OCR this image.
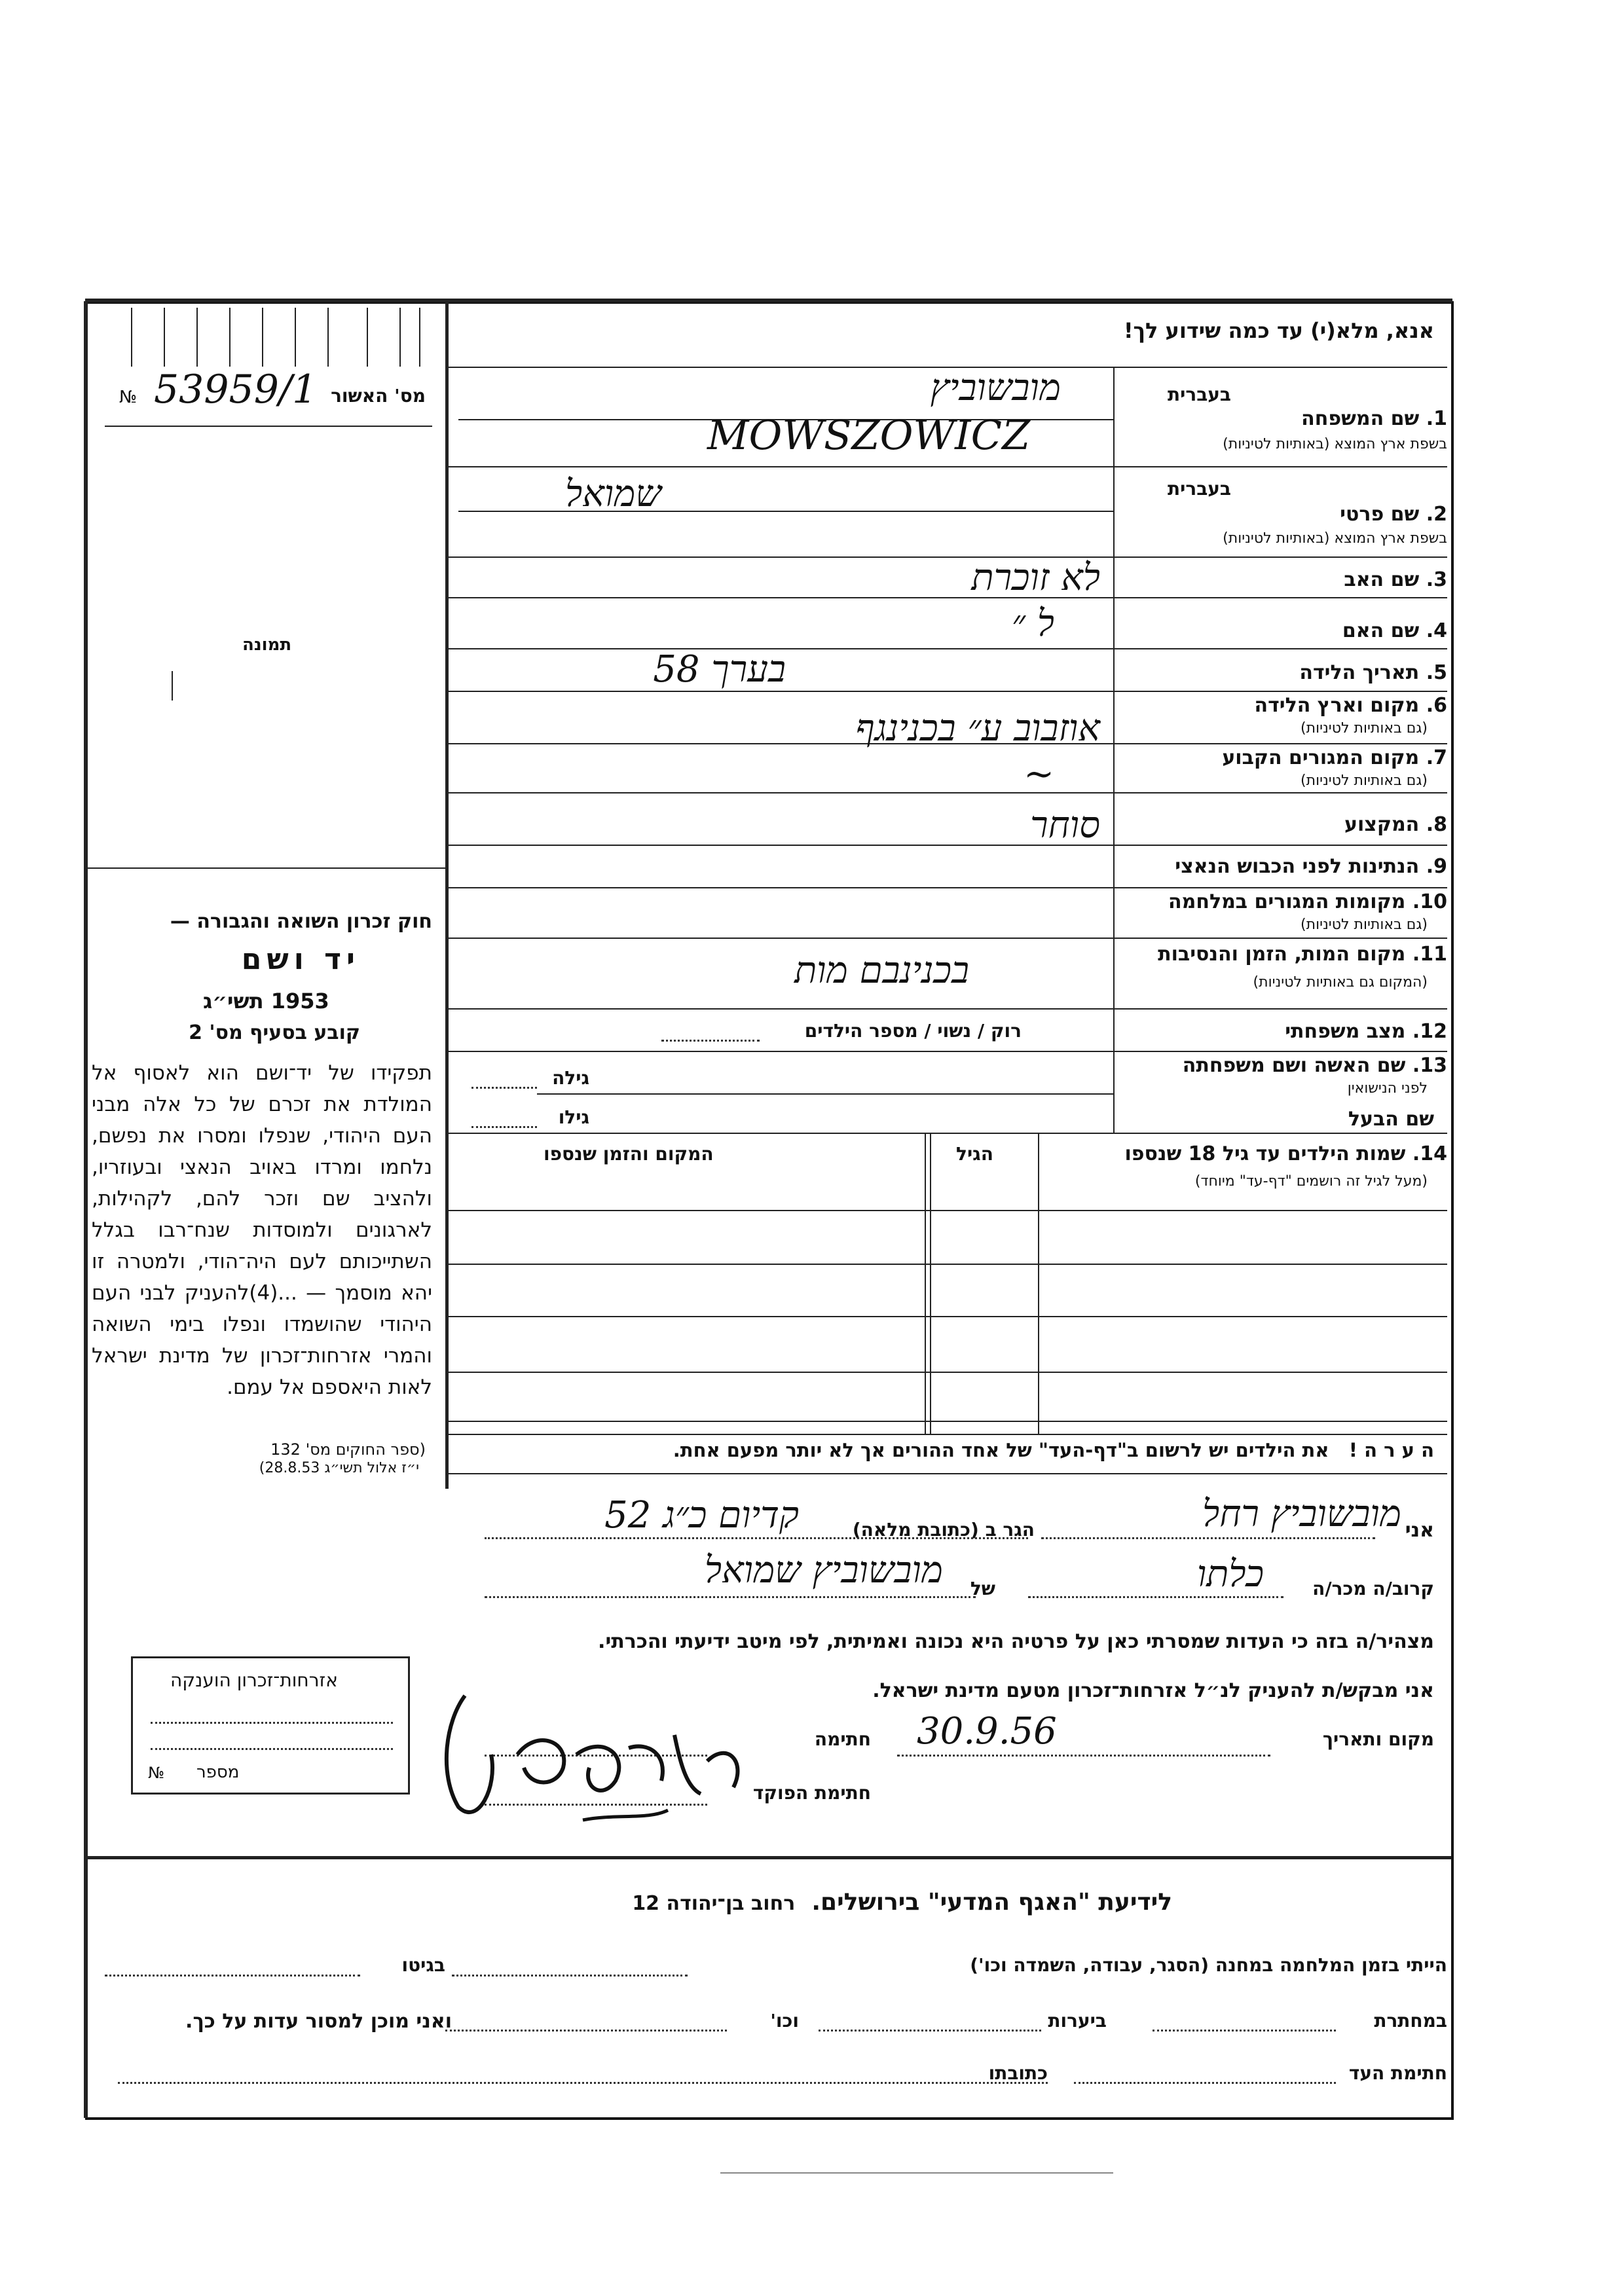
אנא, מלא(י) עד כמה שידוע לך!
מס' האשור
53959/1
№
תמונה
בעברית
1. שם המשפחה
בשפת ארץ המוצא (באותיות לטיניות)
בעברית
2. שם פרטי
בשפת ארץ המוצא (באותיות לטיניות)
3. שם האב
4. שם האם
5. תאריך הלידה
6. מקום וארץ הלידה
(גם באותיות לטיניות)
7. מקום המגורים הקבוע
(גם באותיות לטיניות)
8. המקצוע
9. הנתינות לפני הכבוש הנאצי
10. מקומות המגורים במלחמה
(גם באותיות לטיניות)
11. מקום המות, הזמן והנסיבות
(המקום גם באותיות לטיניות)
12. מצב משפחתי
13. שם האשה ושם משפחתה
לפני הנישואין
מובשוביץ
MOWSZOWICZ
שמואל
לא זוכרת
ל ״
בערך 58
אוזבוב ע״ בכנינגף
~
סוחר
בכנינבם מות
רוק / נשוי / מספר הילדים
גילה
שם הבעל
גילו
14. שמות הילדים עד גיל 18 שנספו
(מעל לגיל זה רושמים "דף-עד" מיוחד)
הגיל
המקום והזמן שנספו
ה ע ר ה !   את הילדים יש לרשום ב"דף-העד" של אחד ההורים אך לא יותר מפעם אחת.
חוק זכרון השואה והגבורה —
יד ושם
1953 תשי״ג
קובע בסעיף מס' 2
תפקידו של יד־ושם הוא לאסוף אל המולדת את זכרם של כל אלה מבני העם היהודי, שנפלו ומסרו את נפשם, נלחמו ומרדו באויב הנאצי ובעוזריו, ולהציב שם וזכר להם, לקהילות, לארגונים ולמוסדות שנח־רבו בגלל השתייכותם לעם היה־הודי, ולמטרה זו יהא מוסמך — ...(4)להעניק לבני העם היהודי שהושמדו ונפלו בימי השואה והמרי אזרחות־זכרון של מדינת ישראל לאות היאספם אל עמם.
(ספר החוקים מס' 132
י״ז אלול תשי״ג 28.8.53)
אני
מובשוביץ רחל
הגר ב (כתובת מלאה)
קדיום כ״ג 52
קרוב/ה מכר/ה
כלתו
של
מובשוביץ שמואל
מצהיר/ה בזה כי העדות שמסרתי כאן על פרטיה היא נכונה ואמיתית, לפי מיטב ידיעתי והכרתי.
אני מבקש/ת להעניק לנ״ל אזרחות־זכרון מטעם מדינת ישראל.
מקום ותאריך
30.9.56
חתימה
חתימת הפוקד
אזרחות־זכרון הוענקה
מספר
№
לידיעת "האגף המדעי" בירושלים.  רחוב בן־יהודה 12
הייתי בזמן המלחמה במחנה (הסגר, עבודה, השמדה וכו')
בגיטו
במחתרת
ביערות
וכו'
ואני מוכן למסור עדות על כך.
חתימת העד
כתובתו
